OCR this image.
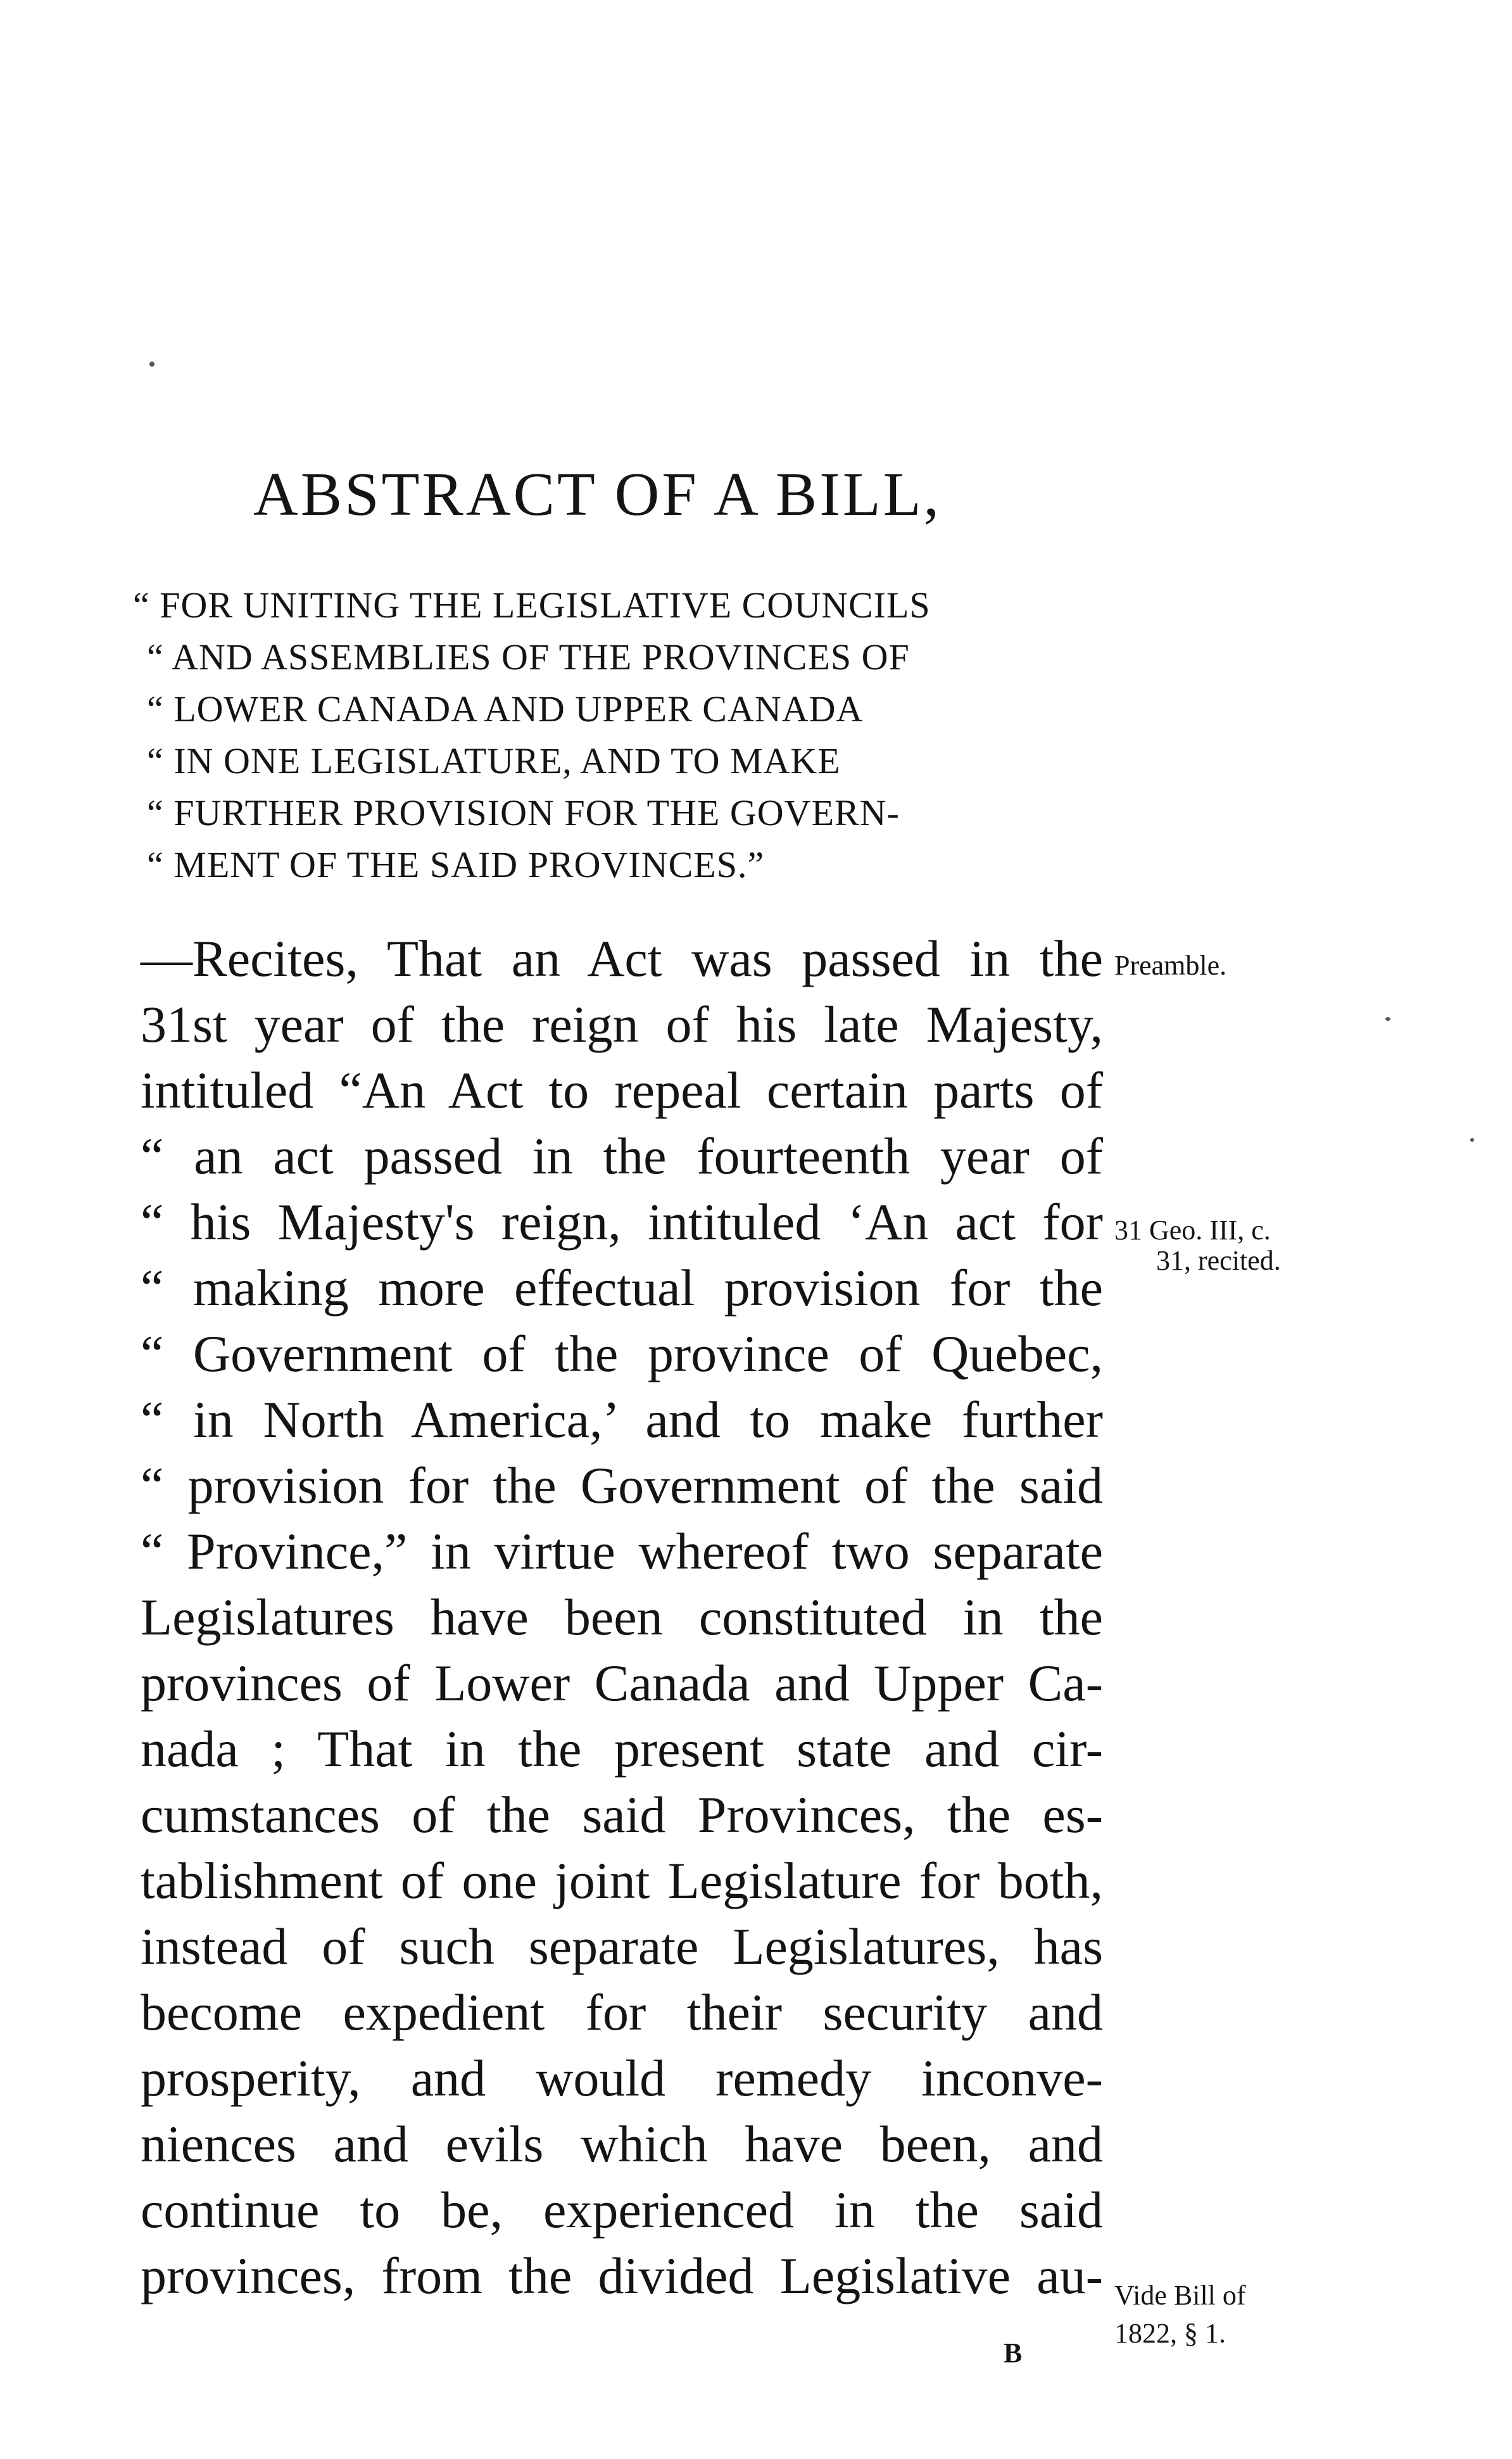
ABSTRACT OF A BILL,
“ FOR UNITING THE LEGISLATIVE COUNCILS
“ AND ASSEMBLIES OF THE PROVINCES OF
“ LOWER CANADA AND UPPER CANADA
“ IN ONE LEGISLATURE, AND TO MAKE
“ FURTHER PROVISION FOR THE GOVERN-
“ MENT OF THE SAID PROVINCES.”
—Recites, That an Act was passed in the
31st year of the reign of his late Majesty,
intituled “An Act to repeal certain parts of
“ an act passed in the fourteenth year of
“ his Majesty's reign, intituled ‘An act for
“ making more effectual provision for the
“ Government of the province of Quebec,
“ in North America,’ and to make further
“ provision for the Government of the said
“ Province,” in virtue whereof two separate
Legislatures have been constituted in the
provinces of Lower Canada and Upper Ca-
nada ; That in the present state and cir-
cumstances of the said Provinces, the es-
tablishment of one joint Legislature for both,
instead of such separate Legislatures, has
become expedient for their security and
prosperity, and would remedy inconve-
niences and evils which have been, and
continue to be, experienced in the said
provinces, from the divided Legislative au-
Preamble.
31 Geo. III, c.
31, recited.
Vide Bill of
1822, § 1.
B
